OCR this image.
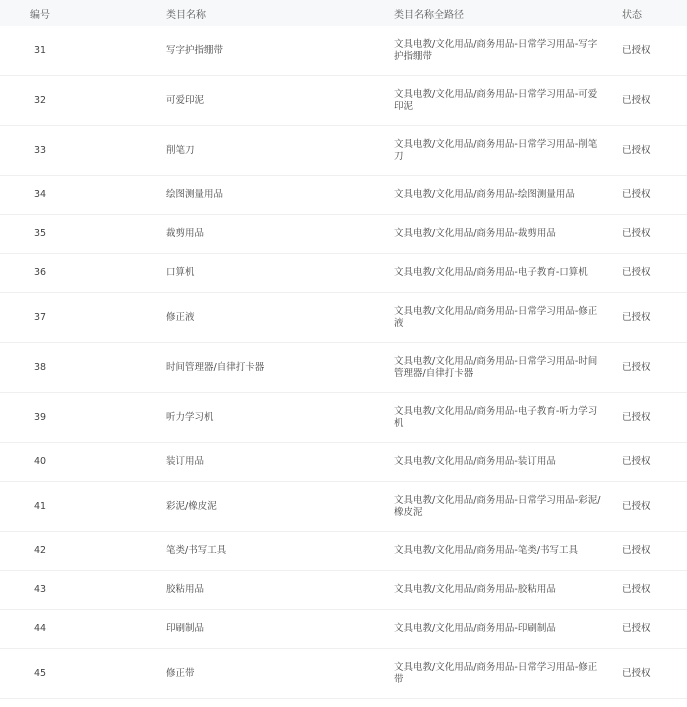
编号	类目名称	类目名称全路径	状态
31	写字护指绷带	文具电教/文化用品/商务用品-日常学习用品-写字护指绷带	已授权
32	可爱印泥	文具电教/文化用品/商务用品-日常学习用品-可爱印泥	已授权
33	削笔刀	文具电教/文化用品/商务用品-日常学习用品-削笔刀	已授权
34	绘图测量用品	文具电教/文化用品/商务用品-绘图测量用品	已授权
35	裁剪用品	文具电教/文化用品/商务用品-裁剪用品	已授权
36	口算机	文具电教/文化用品/商务用品-电子教育-口算机	已授权
37	修正液	文具电教/文化用品/商务用品-日常学习用品-修正液	已授权
38	时间管理器/自律打卡器	文具电教/文化用品/商务用品-日常学习用品-时间管理器/自律打卡器	已授权
39	听力学习机	文具电教/文化用品/商务用品-电子教育-听力学习机	已授权
40	装订用品	文具电教/文化用品/商务用品-装订用品	已授权
41	彩泥/橡皮泥	文具电教/文化用品/商务用品-日常学习用品-彩泥/橡皮泥	已授权
42	笔类/书写工具	文具电教/文化用品/商务用品-笔类/书写工具	已授权
43	胶粘用品	文具电教/文化用品/商务用品-胶粘用品	已授权
44	印刷制品	文具电教/文化用品/商务用品-印刷制品	已授权
45	修正带	文具电教/文化用品/商务用品-日常学习用品-修正带	已授权
